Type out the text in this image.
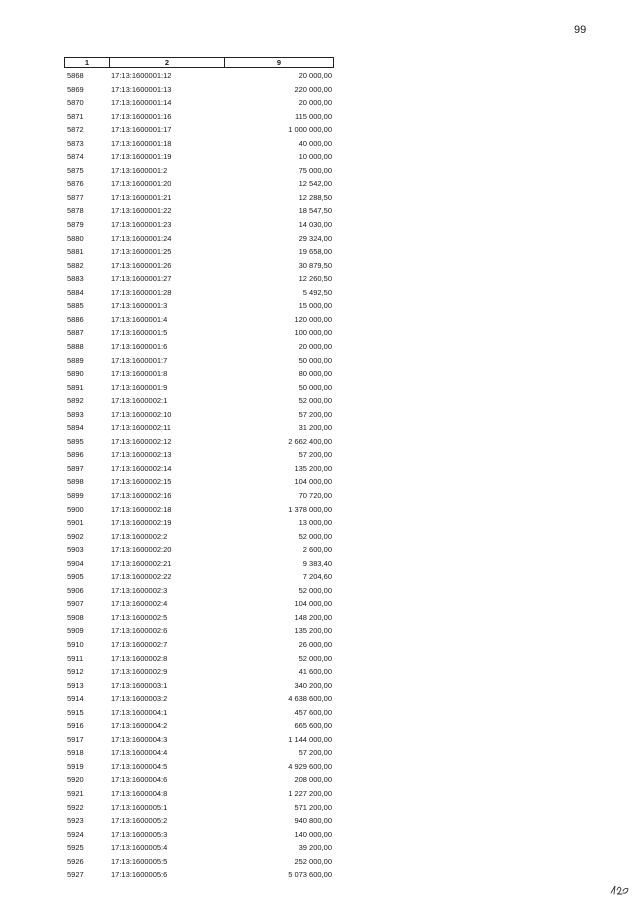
99
1	2	9
5868	17:13:1600001:12	20 000,00
5869	17:13:1600001:13	220 000,00
5870	17:13:1600001:14	20 000,00
5871	17:13:1600001:16	115 000,00
5872	17:13:1600001:17	1 000 000,00
5873	17:13:1600001:18	40 000,00
5874	17:13:1600001:19	10 000,00
5875	17:13:1600001:2	75 000,00
5876	17:13:1600001:20	12 542,00
5877	17:13:1600001:21	12 288,50
5878	17:13:1600001:22	18 547,50
5879	17:13:1600001:23	14 030,00
5880	17:13:1600001:24	29 324,00
5881	17:13:1600001:25	19 658,00
5882	17:13:1600001:26	30 879,50
5883	17:13:1600001:27	12 260,50
5884	17:13:1600001:28	5 492,50
5885	17:13:1600001:3	15 000,00
5886	17:13:1600001:4	120 000,00
5887	17:13:1600001:5	100 000,00
5888	17:13:1600001:6	20 000,00
5889	17:13:1600001:7	50 000,00
5890	17:13:1600001:8	80 000,00
5891	17:13:1600001:9	50 000,00
5892	17:13:1600002:1	52 000,00
5893	17:13:1600002:10	57 200,00
5894	17:13:1600002:11	31 200,00
5895	17:13:1600002:12	2 662 400,00
5896	17:13:1600002:13	57 200,00
5897	17:13:1600002:14	135 200,00
5898	17:13:1600002:15	104 000,00
5899	17:13:1600002:16	70 720,00
5900	17:13:1600002:18	1 378 000,00
5901	17:13:1600002:19	13 000,00
5902	17:13:1600002:2	52 000,00
5903	17:13:1600002:20	2 600,00
5904	17:13:1600002:21	9 383,40
5905	17:13:1600002:22	7 204,60
5906	17:13:1600002:3	52 000,00
5907	17:13:1600002:4	104 000,00
5908	17:13:1600002:5	148 200,00
5909	17:13:1600002:6	135 200,00
5910	17:13:1600002:7	26 000,00
5911	17:13:1600002:8	52 000,00
5912	17:13:1600002:9	41 600,00
5913	17:13:1600003:1	340 200,00
5914	17:13:1600003:2	4 638 600,00
5915	17:13:1600004:1	457 600,00
5916	17:13:1600004:2	665 600,00
5917	17:13:1600004:3	1 144 000,00
5918	17:13:1600004:4	57 200,00
5919	17:13:1600004:5	4 929 600,00
5920	17:13:1600004:6	208 000,00
5921	17:13:1600004:8	1 227 200,00
5922	17:13:1600005:1	571 200,00
5923	17:13:1600005:2	940 800,00
5924	17:13:1600005:3	140 000,00
5925	17:13:1600005:4	39 200,00
5926	17:13:1600005:5	252 000,00
5927	17:13:1600005:6	5 073 600,00
